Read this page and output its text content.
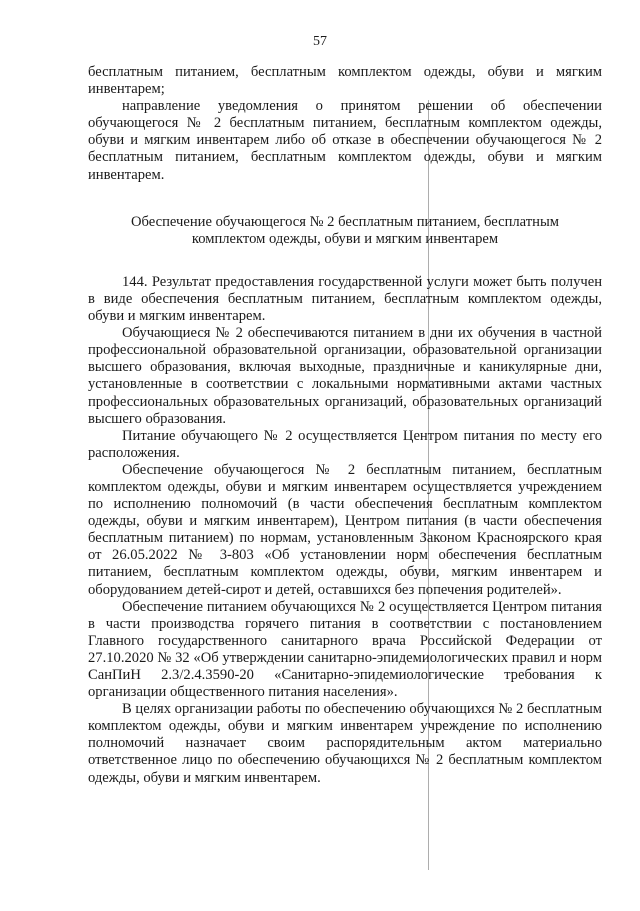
57

бесплатным питанием, бесплатным комплектом одежды, обуви и мягким инвентарем;

направление уведомления о принятом решении об обеспечении обучающегося № 2 бесплатным питанием, бесплатным комплектом одежды, обуви и мягким инвентарем либо об отказе в обеспечении обучающегося № 2 бесплатным питанием, бесплатным комплектом одежды, обуви и мягким инвентарем.

Обеспечение обучающегося № 2 бесплатным питанием, бесплатным комплектом одежды, обуви и мягким инвентарем

144. Результат предоставления государственной услуги может быть получен в виде обеспечения бесплатным питанием, бесплатным комплектом одежды, обуви и мягким инвентарем.

Обучающиеся № 2 обеспечиваются питанием в дни их обучения в частной профессиональной образовательной организации, образовательной организации высшего образования, включая выходные, праздничные и каникулярные дни, установленные в соответствии с локальными нормативными актами частных профессиональных образовательных организаций, образовательных организаций высшего образования.

Питание обучающего № 2 осуществляется Центром питания по месту его расположения.

Обеспечение обучающегося № 2 бесплатным питанием, бесплатным комплектом одежды, обуви и мягким инвентарем осуществляется учреждением по исполнению полномочий (в части обеспечения бесплатным комплектом одежды, обуви и мягким инвентарем), Центром питания (в части обеспечения бесплатным питанием) по нормам, установленным Законом Красноярского края от 26.05.2022 № 3-803 «Об установлении норм обеспечения бесплатным питанием, бесплатным комплектом одежды, обуви, мягким инвентарем и оборудованием детей-сирот и детей, оставшихся без попечения родителей».

Обеспечение питанием обучающихся № 2 осуществляется Центром питания в части производства горячего питания в соответствии с постановлением Главного государственного санитарного врача Российской Федерации от 27.10.2020 № 32 «Об утверждении санитарно-эпидемиологических правил и норм СанПиН 2.3/2.4.3590-20 «Санитарно-эпидемиологические требования к организации общественного питания населения».

В целях организации работы по обеспечению обучающихся № 2 бесплатным комплектом одежды, обуви и мягким инвентарем учреждение по исполнению полномочий назначает своим распорядительным актом материально ответственное лицо по обеспечению обучающихся № 2 бесплатным комплектом одежды, обуви и мягким инвентарем.
